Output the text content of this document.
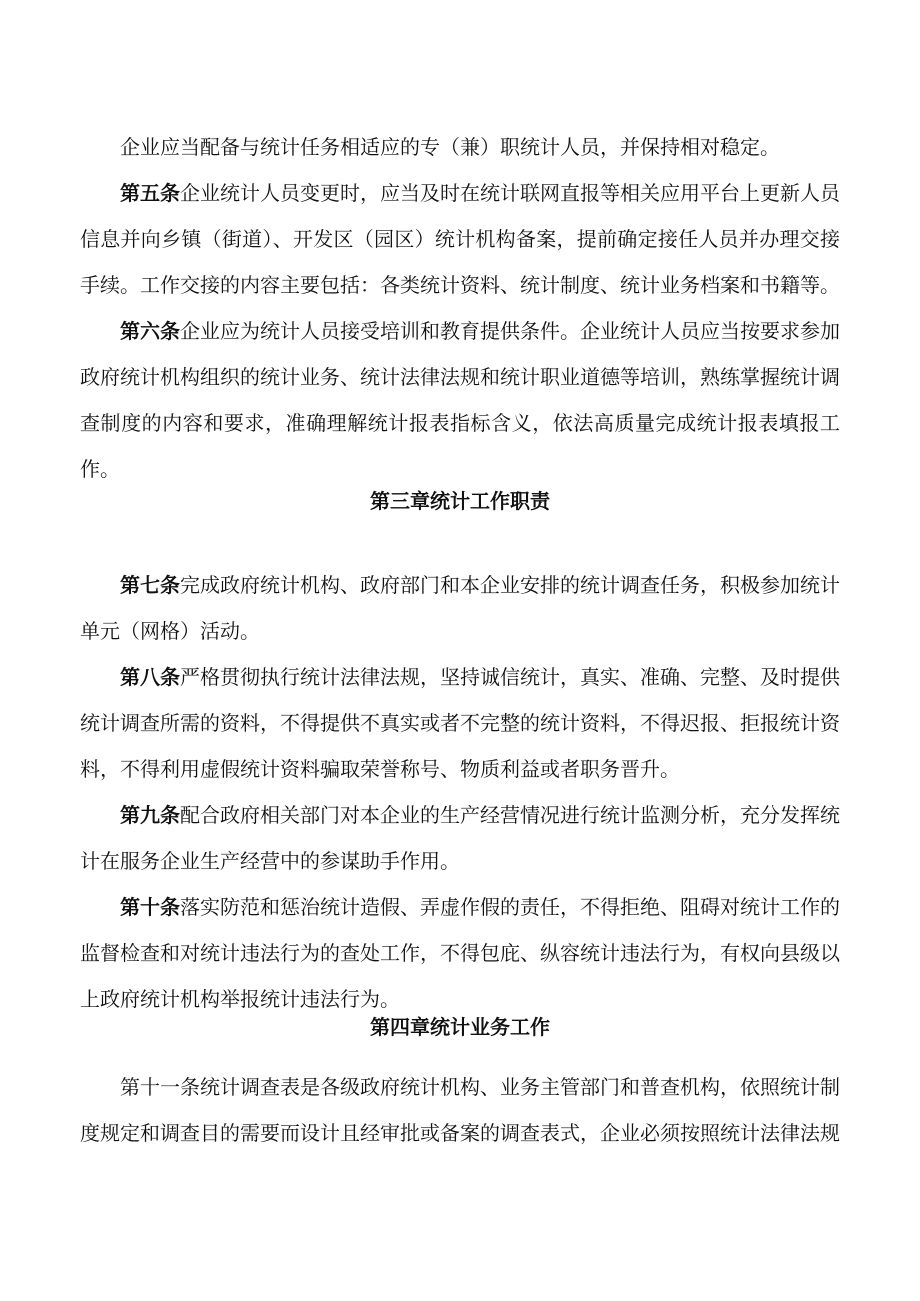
企业应当配备与统计任务相适应的专（兼）职统计人员，并保持相对稳定。

第五条企业统计人员变更时，应当及时在统计联网直报等相关应用平台上更新人员信息并向乡镇（街道）、开发区（园区）统计机构备案，提前确定接任人员并办理交接手续。工作交接的内容主要包括：各类统计资料、统计制度、统计业务档案和书籍等。

第六条企业应为统计人员接受培训和教育提供条件。企业统计人员应当按要求参加政府统计机构组织的统计业务、统计法律法规和统计职业道德等培训，熟练掌握统计调查制度的内容和要求，准确理解统计报表指标含义，依法高质量完成统计报表填报工作。

第三章统计工作职责

第七条完成政府统计机构、政府部门和本企业安排的统计调查任务，积极参加统计单元（网格）活动。

第八条严格贯彻执行统计法律法规，坚持诚信统计，真实、准确、完整、及时提供统计调查所需的资料，不得提供不真实或者不完整的统计资料，不得迟报、拒报统计资料，不得利用虚假统计资料骗取荣誉称号、物质利益或者职务晋升。

第九条配合政府相关部门对本企业的生产经营情况进行统计监测分析，充分发挥统计在服务企业生产经营中的参谋助手作用。

第十条落实防范和惩治统计造假、弄虚作假的责任，不得拒绝、阻碍对统计工作的监督检查和对统计违法行为的查处工作，不得包庇、纵容统计违法行为，有权向县级以上政府统计机构举报统计违法行为。

第四章统计业务工作

第十一条统计调查表是各级政府统计机构、业务主管部门和普查机构，依照统计制度规定和调查目的需要而设计且经审批或备案的调查表式，企业必须按照统计法律法规
